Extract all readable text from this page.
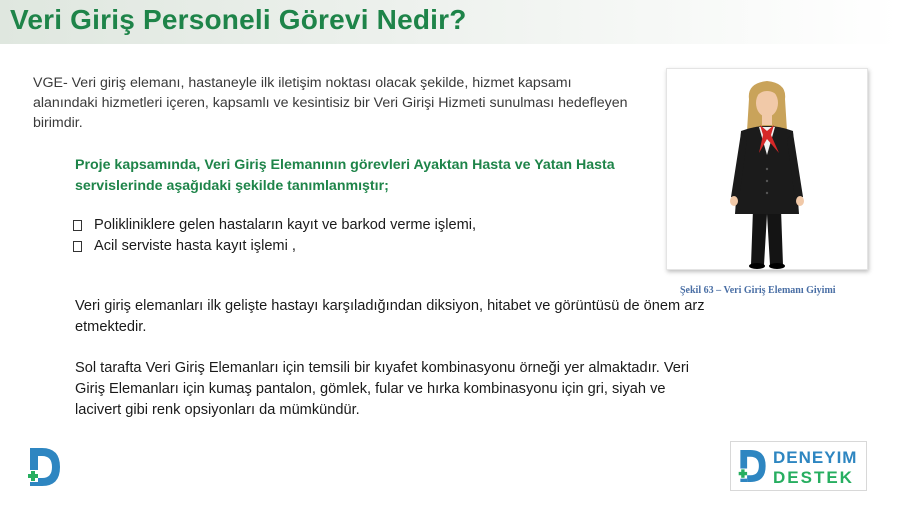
Veri Giriş Personeli Görevi Nedir?
VGE- Veri giriş elemanı, hastaneyle ilk iletişim noktası olacak şekilde, hizmet kapsamı alanındaki hizmetleri içeren, kapsamlı ve kesintisiz bir Veri Girişi Hizmeti sunulması hedefleyen birimdir.
Proje kapsamında, Veri Giriş Elemanının görevleri Ayaktan Hasta ve Yatan Hasta servislerinde aşağıdaki şekilde tanımlanmıştır;
Polikliniklere gelen hastaların kayıt ve barkod verme işlemi,
Acil serviste hasta kayıt işlemi ,
Veri giriş elemanları ilk gelişte hastayı karşıladığından diksiyon, hitabet ve görüntüsü de önem arz etmektedir.
Sol tarafta Veri Giriş Elemanları için temsili bir kıyafet kombinasyonu örneği yer almaktadır. Veri Giriş Elemanları için kumaş pantalon, gömlek, fular ve hırka kombinasyonu için gri, siyah ve lacivert gibi renk opsiyonları da mümkündür.
Şekil 63 – Veri Giriş Elemanı Giyimi
DENEYIM
DESTEK
